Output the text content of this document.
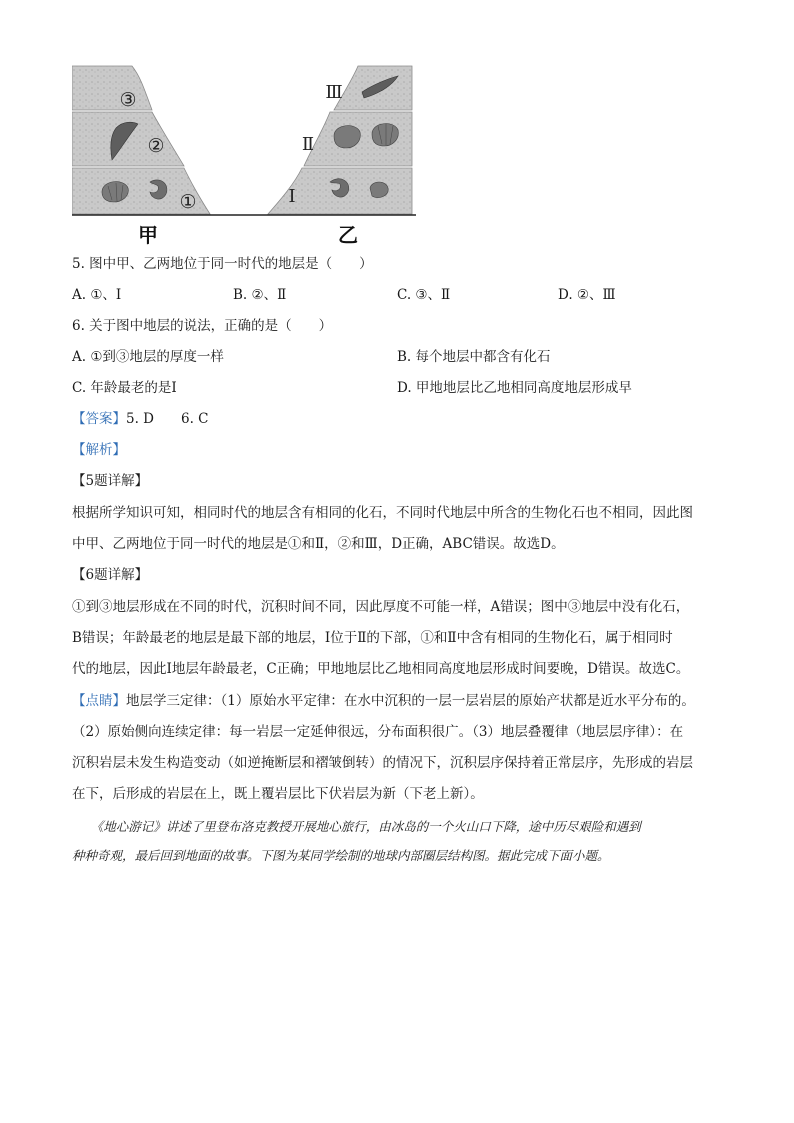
③
②
①
Ⅲ
Ⅱ
Ⅰ
甲	乙
5. 图中甲、乙两地位于同一时代的地层是（　　）
A. ①、Ⅰ	B. ②、Ⅱ	C. ③、Ⅱ	D. ②、Ⅲ
6. 关于图中地层的说法，正确的是（　　）
A. ①到③地层的厚度一样	B. 每个地层中都含有化石
C. 年龄最老的是Ⅰ	D. 甲地地层比乙地相同高度地层形成早
【答案】5. D　　6. C
【解析】
【5题详解】
根据所学知识可知，相同时代的地层含有相同的化石，不同时代地层中所含的生物化石也不相同，因此图
中甲、乙两地位于同一时代的地层是①和Ⅱ，②和Ⅲ，D正确，ABC错误。故选D。
【6题详解】
①到③地层形成在不同的时代，沉积时间不同，因此厚度不可能一样，A错误；图中③地层中没有化石，
B错误；年龄最老的地层是最下部的地层，Ⅰ位于Ⅱ的下部，①和Ⅱ中含有相同的生物化石，属于相同时
代的地层，因此Ⅰ地层年龄最老，C正确；甲地地层比乙地相同高度地层形成时间要晚，D错误。故选C。
【点睛】地层学三定律：（1）原始水平定律：在水中沉积的一层一层岩层的原始产状都是近水平分布的。
（2）原始侧向连续定律：每一岩层一定延伸很远，分布面积很广。（3）地层叠覆律（地层层序律）：在
沉积岩层未发生构造变动（如逆掩断层和褶皱倒转）的情况下，沉积层序保持着正常层序，先形成的岩层
在下，后形成的岩层在上，既上覆岩层比下伏岩层为新（下老上新）。
　　《地心游记》讲述了里登布洛克教授开展地心旅行，由冰岛的一个火山口下降，途中历尽艰险和遇到
种种奇观，最后回到地面的故事。下图为某同学绘制的地球内部圈层结构图。据此完成下面小题。
